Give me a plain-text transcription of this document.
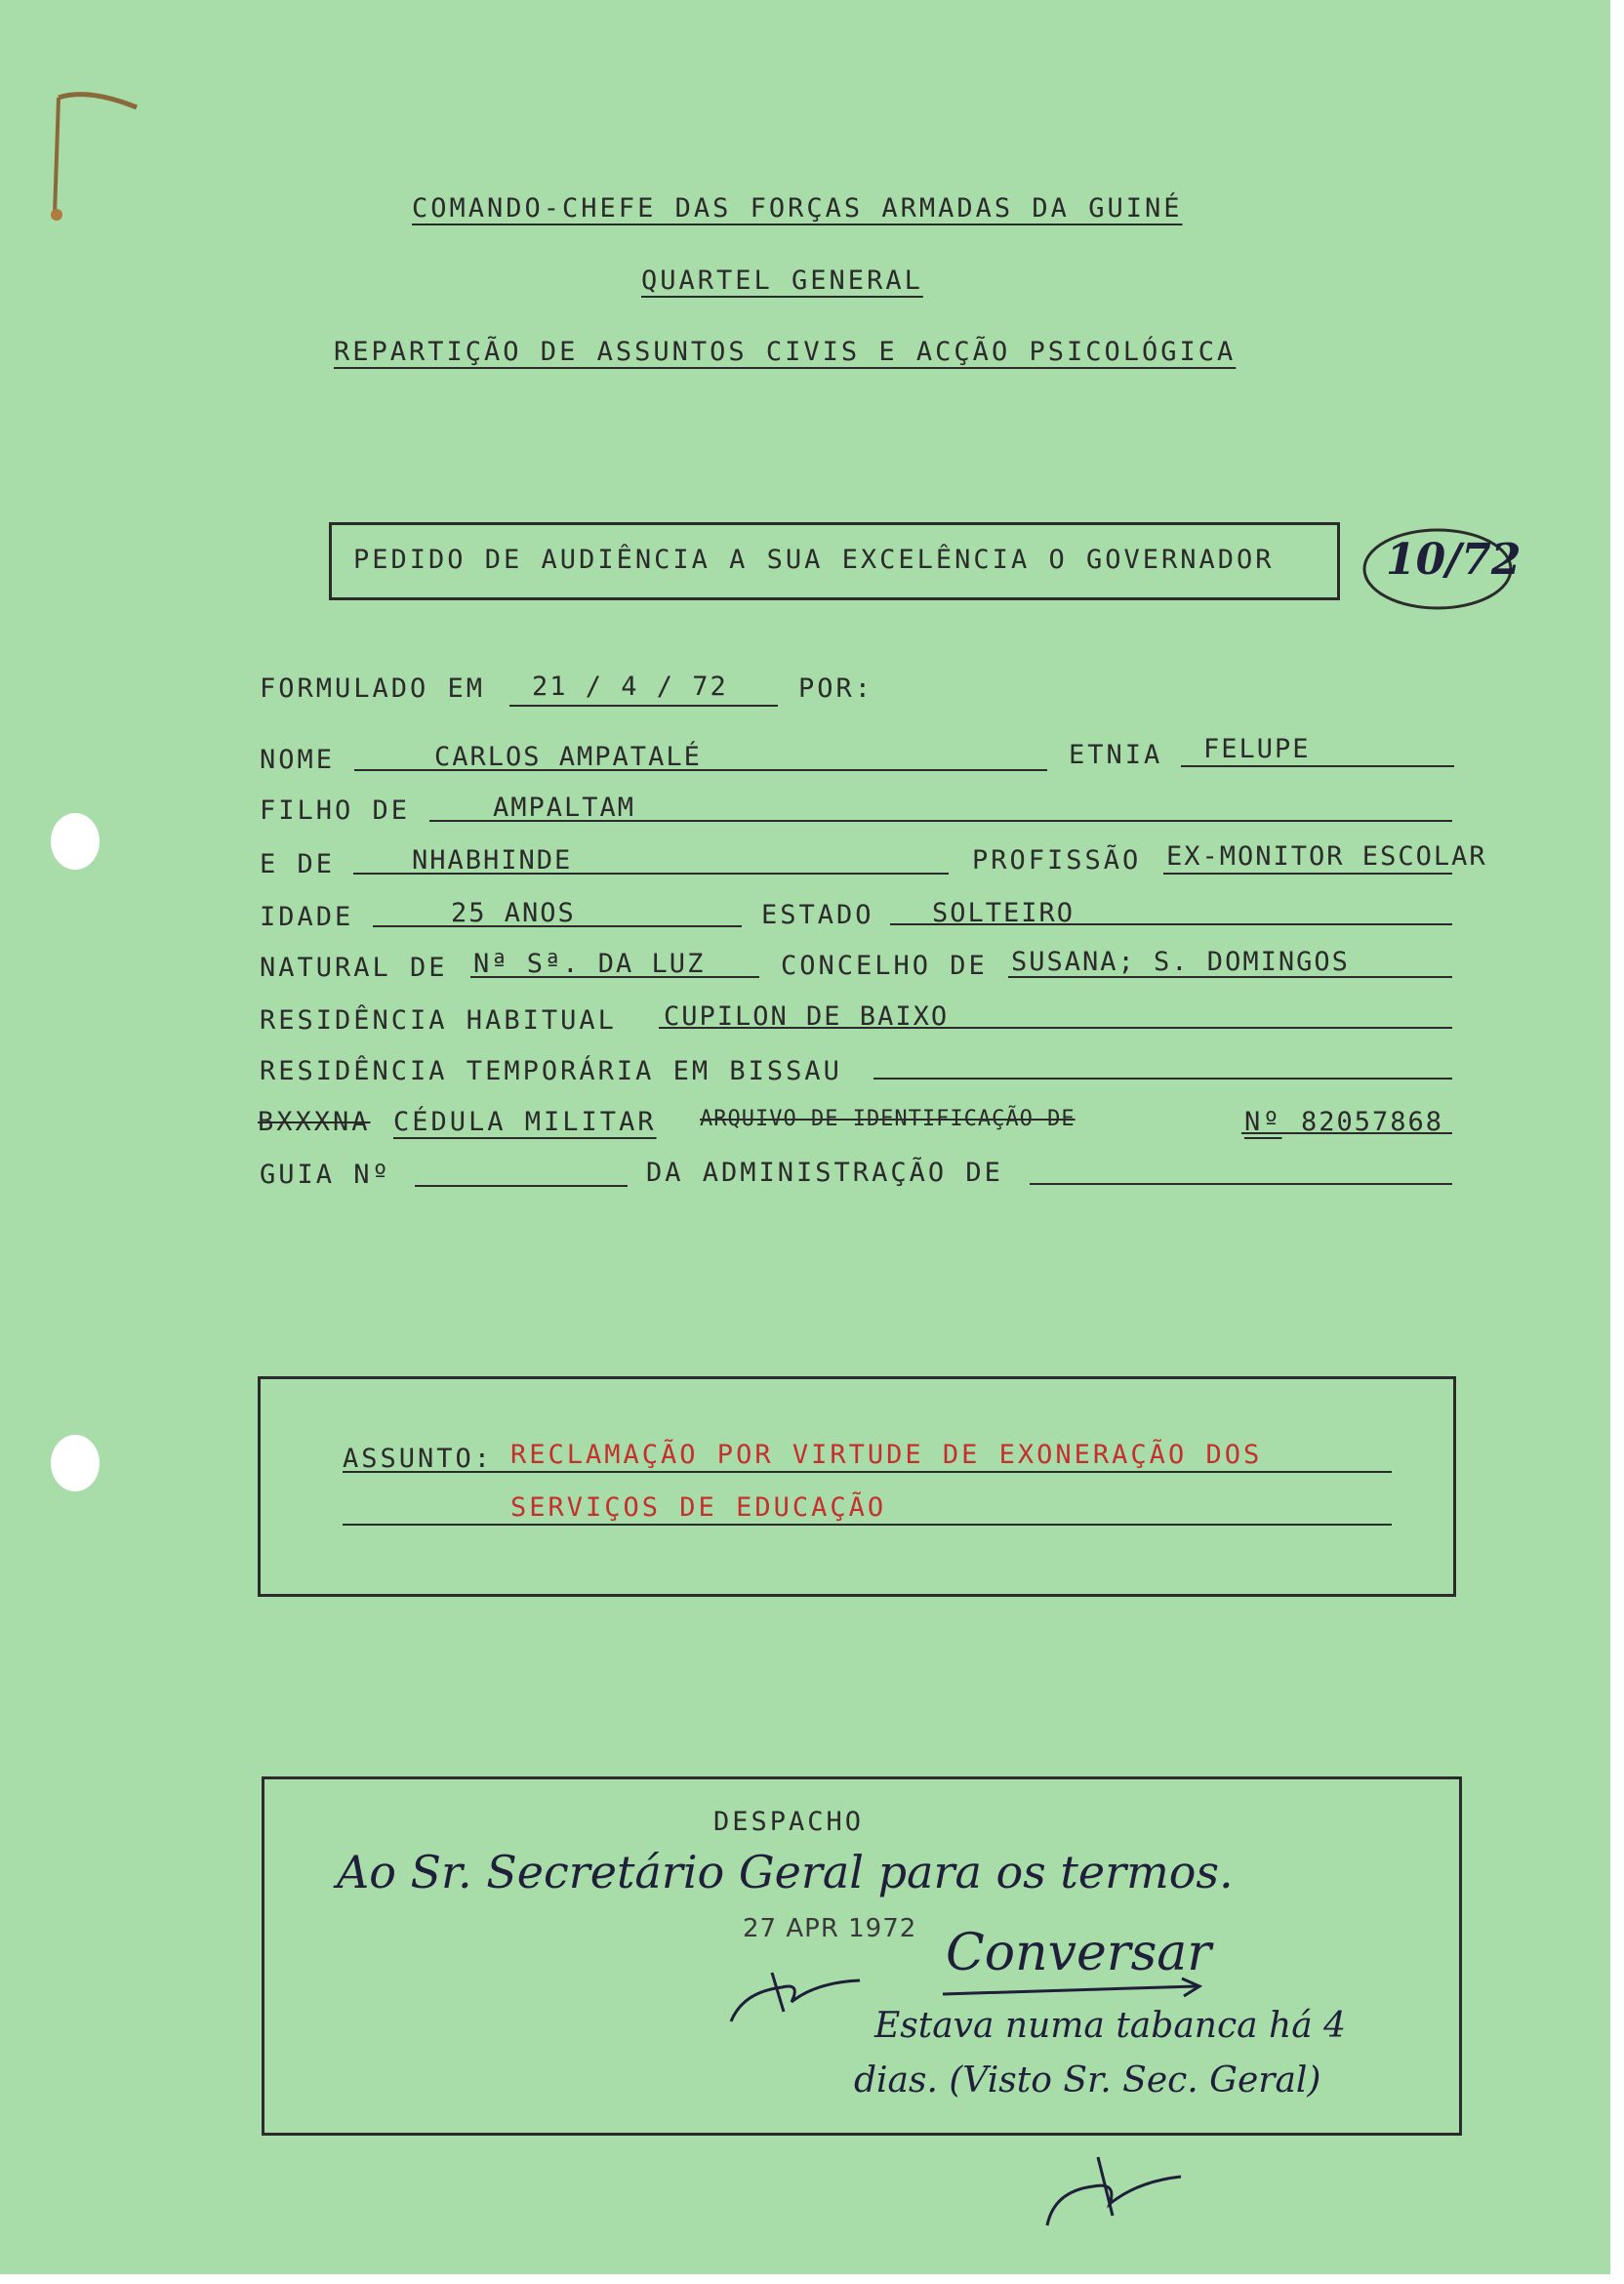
COMANDO-CHEFE DAS FORÇAS ARMADAS DA GUINÉ
QUARTEL GENERAL
REPARTIÇÃO DE ASSUNTOS CIVIS E ACÇÃO PSICOLÓGICA
PEDIDO DE AUDIÊNCIA A SUA EXCELÊNCIA O GOVERNADOR	10/72
FORMULADO EM 21 / 4 / 72	POR:
NOME	CARLOS AMPATALÉ	ETNIA FELUPE
FILHO DE	AMPALTAM
E DE	NHABHINDE	PROFISSÃO EX-MONITOR ESCOLAR
IDADE	25 ANOS	ESTADO SOLTEIRO
NATURAL DE Nª Sª. DA LUZ	CONCELHO DE SUSANA; S. DOMINGOS
RESIDÊNCIA HABITUAL CUPILON DE BAIXO
RESIDÊNCIA TEMPORÁRIA EM BISSAU
BXXXNA CÉDULA MILITAR ARQUIVO DE IDENTIFICAÇÃO DE	Nº 82057868
GUIA Nº	DA ADMINISTRAÇÃO DE
ASSUNTO: RECLAMAÇÃO POR VIRTUDE DE EXONERAÇÃO DOS
SERVIÇOS DE EDUCAÇÃO
DESPACHO
Ao Sr. Secretário Geral para os termos.
27 APR 1972 Conversar
Estava numa tabanca há 4
dias. (Visto Sr. Sec. Geral)
